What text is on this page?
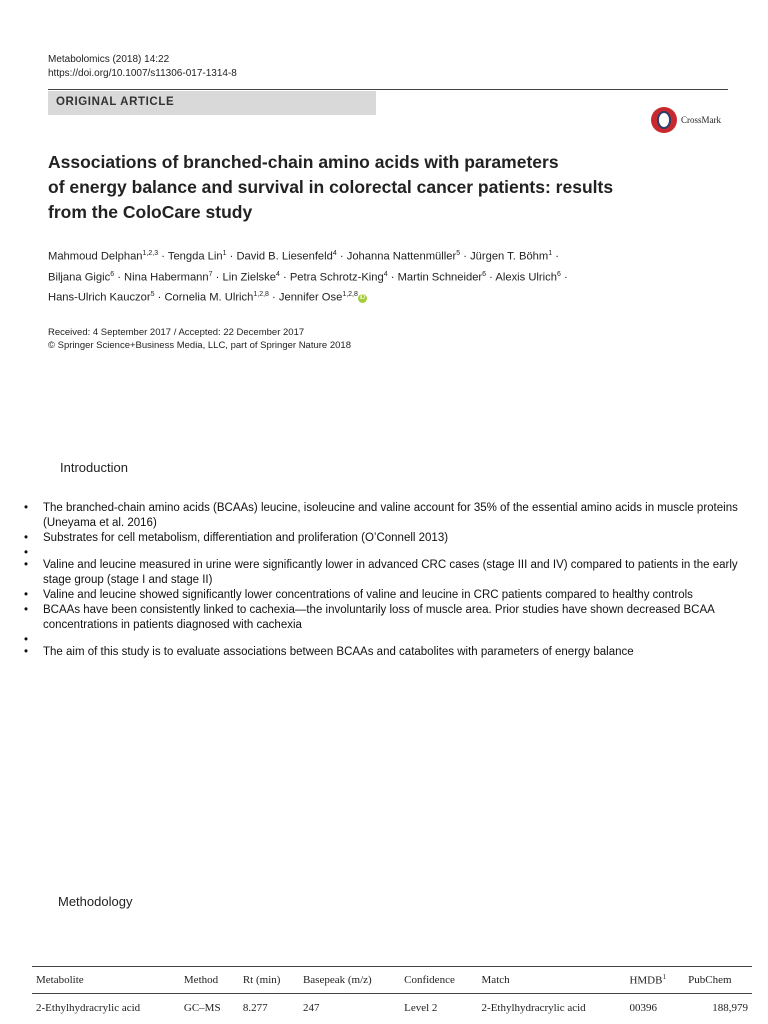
Metabolomics (2018) 14:22
https://doi.org/10.1007/s11306-017-1314-8
ORIGINAL ARTICLE
CrossMark
Associations of branched-chain amino acids with parameters
of energy balance and survival in colorectal cancer patients: results
from the ColoCare study
Mahmoud Delphan$^{1,2,3}$ · Tengda Lin$^1$ · David B. Liesenfeld$^4$ · Johanna Nattenmüller$^5$ · Jürgen T. Böhm$^1$ ·
Biljana Gigic$^6$ · Nina Habermann$^7$ · Lin Zielske$^4$ · Petra Schrotz-King$^4$ · Martin Schneider$^6$ · Alexis Ulrich$^6$ ·
Hans-Ulrich Kauczor$^5$ · Cornelia M. Ulrich$^{1,2,8}$ · Jennifer Ose$^{1,2,8}$ iD
Received: 4 September 2017 / Accepted: 22 December 2017
© Springer Science+Business Media, LLC, part of Springer Nature 2018
Introduction
• The branched-chain amino acids (BCAAs) leucine, isoleucine and valine account for 35% of the essential amino acids in muscle proteins (Uneyama et al. 2016)
• Substrates for cell metabolism, differentiation and proliferation (O’Connell 2013)
•
• Valine and leucine measured in urine were significantly lower in advanced CRC cases (stage III and IV) compared to patients in the early stage group (stage I and stage II)
• Valine and leucine showed significantly lower concentrations of valine and leucine in CRC patients compared to healthy controls
• BCAAs have been consistently linked to cachexia—the involuntarily loss of muscle area. Prior studies have shown decreased BCAA concentrations in patients diagnosed with cachexia
•
• The aim of this study is to evaluate associations between BCAAs and catabolites with parameters of energy balance
Methodology
Metabolite	Method	Rt (min)	Basepeak (m/z)	Confidence	Match	HMDB$^1$	PubChem
2-Ethylhydracrylic acid	GC–MS	8.277	247	Level 2	2-Ethylhydracrylic acid	00396	188,979
